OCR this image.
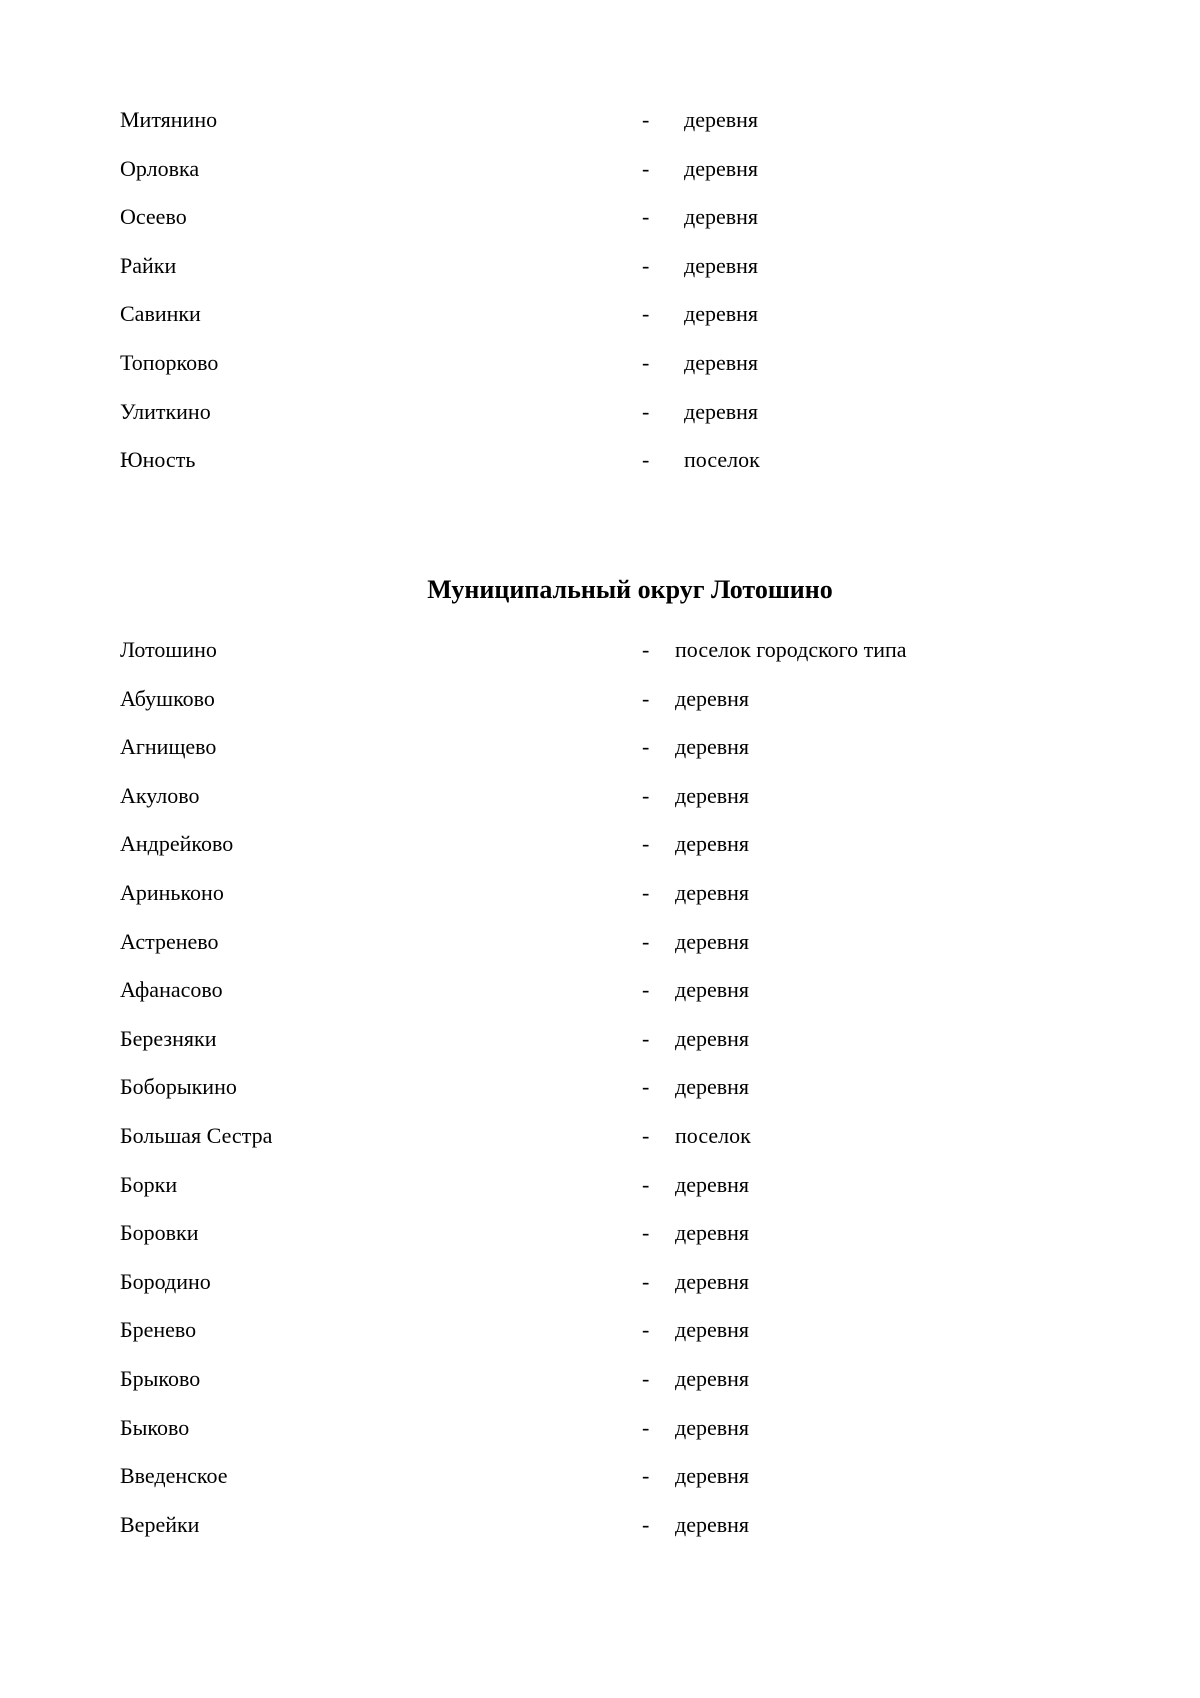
Митянино	- деревня
Орловка	- деревня
Осеево	- деревня
Райки	- деревня
Савинки	- деревня
Топорково	- деревня
Улиткино	- деревня
Юность	- поселок
Муниципальный округ Лотошино
Лотошино	- поселок городского типа
Абушково	- деревня
Агнищево	- деревня
Акулово	- деревня
Андрейково	- деревня
Ариньконо	- деревня
Астренево	- деревня
Афанасово	- деревня
Березняки	- деревня
Боборыкино	- деревня
Большая Сестра	- поселок
Борки	- деревня
Боровки	- деревня
Бородино	- деревня
Бренево	- деревня
Брыково	- деревня
Быково	- деревня
Введенское	- деревня
Верейки	- деревня
